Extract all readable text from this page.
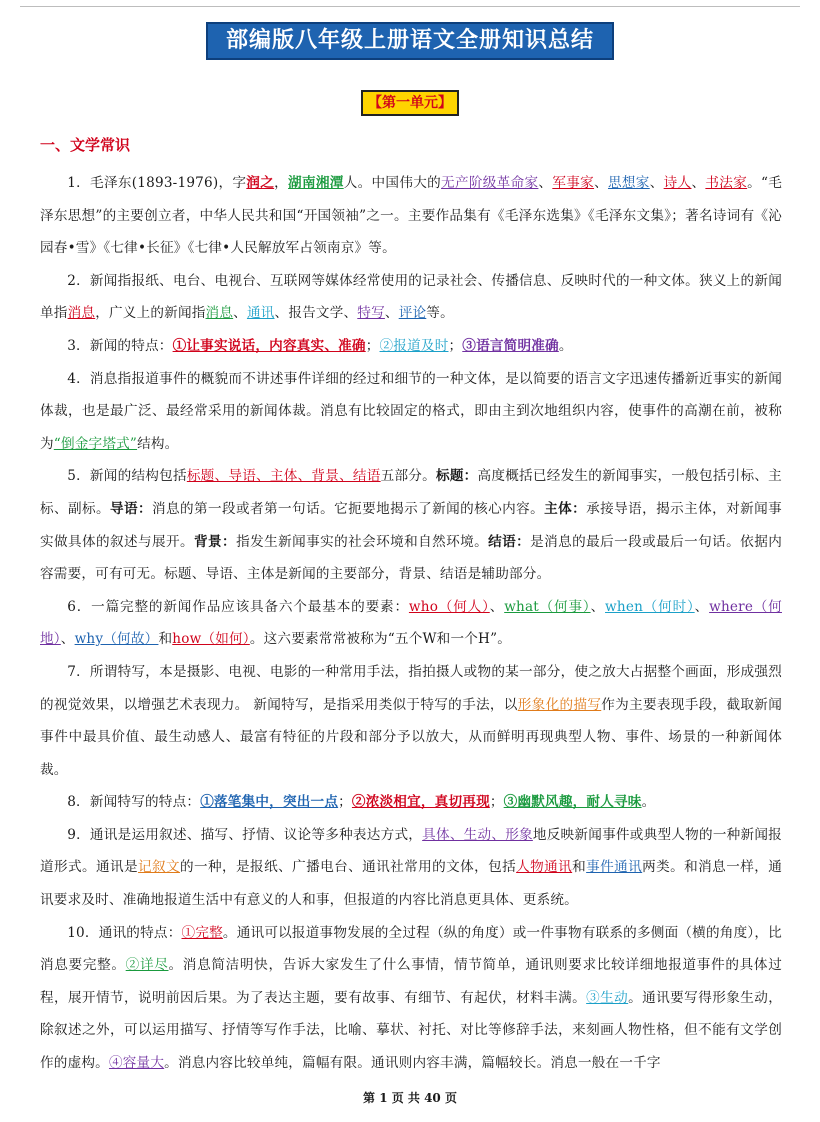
部编版八年级上册语文全册知识总结
【第一单元】
一、文学常识

1．毛泽东(1893-1976)，字润之，湖南湘潭人。中国伟大的无产阶级革命家、军事家、思想家、诗人、书法家。“毛泽东思想”的主要创立者，中华人民共和国“开国领袖”之一。主要作品集有《毛泽东选集》《毛泽东文集》；著名诗词有《沁园春•雪》《七律•长征》《七律•人民解放军占领南京》等。

2．新闻指报纸、电台、电视台、互联网等媒体经常使用的记录社会、传播信息、反映时代的一种文体。狭义上的新闻单指消息，广义上的新闻指消息、通讯、报告文学、特写、评论等。

3．新闻的特点：①让事实说话，内容真实、准确；②报道及时；③语言简明准确。

4．消息指报道事件的概貌而不讲述事件详细的经过和细节的一种文体，是以简要的语言文字迅速传播新近事实的新闻体裁，也是最广泛、最经常采用的新闻体裁。消息有比较固定的格式，即由主到次地组织内容，使事件的高潮在前，被称为“倒金字塔式”结构。

5．新闻的结构包括标题、导语、主体、背景、结语五部分。标题：高度概括已经发生的新闻事实，一般包括引标、主标、副标。导语：消息的第一段或者第一句话。它扼要地揭示了新闻的核心内容。主体：承接导语，揭示主体，对新闻事实做具体的叙述与展开。背景：指发生新闻事实的社会环境和自然环境。结语：是消息的最后一段或最后一句话。依据内容需要，可有可无。标题、导语、主体是新闻的主要部分，背景、结语是辅助部分。

6．一篇完整的新闻作品应该具备六个最基本的要素：who（何人）、what（何事）、when（何时）、where（何地）、why（何故）和how（如何）。这六要素常常被称为“五个W和一个H”。

7．所谓特写，本是摄影、电视、电影的一种常用手法，指拍摄人或物的某一部分，使之放大占据整个画面，形成强烈的视觉效果，以增强艺术表现力。 新闻特写，是指采用类似于特写的手法，以形象化的描写作为主要表现手段，截取新闻事件中最具价值、最生动感人、最富有特征的片段和部分予以放大，从而鲜明再现典型人物、事件、场景的一种新闻体裁。

8．新闻特写的特点：①落笔集中，突出一点；②浓淡相宜，真切再现；③幽默风趣，耐人寻味。

9．通讯是运用叙述、描写、抒情、议论等多种表达方式，具体、生动、形象地反映新闻事件或典型人物的一种新闻报道形式。通讯是记叙文的一种，是报纸、广播电台、通讯社常用的文体，包括人物通讯和事件通讯两类。和消息一样，通讯要求及时、准确地报道生活中有意义的人和事，但报道的内容比消息更具体、更系统。

10．通讯的特点：①完整。通讯可以报道事物发展的全过程（纵的角度）或一件事物有联系的多侧面（横的角度），比消息要完整。②详尽。消息简洁明快，告诉大家发生了什么事情，情节简单，通讯则要求比较详细地报道事件的具体过程，展开情节，说明前因后果。为了表达主题，要有故事、有细节、有起伏，材料丰满。③生动。通讯要写得形象生动，除叙述之外，可以运用描写、抒情等写作手法，比喻、摹状、衬托、对比等修辞手法，来刻画人物性格，但不能有文学创作的虚构。④容量大。消息内容比较单纯，篇幅有限。通讯则内容丰满，篇幅较长。消息一般在一千字

第 1 页 共 40 页
